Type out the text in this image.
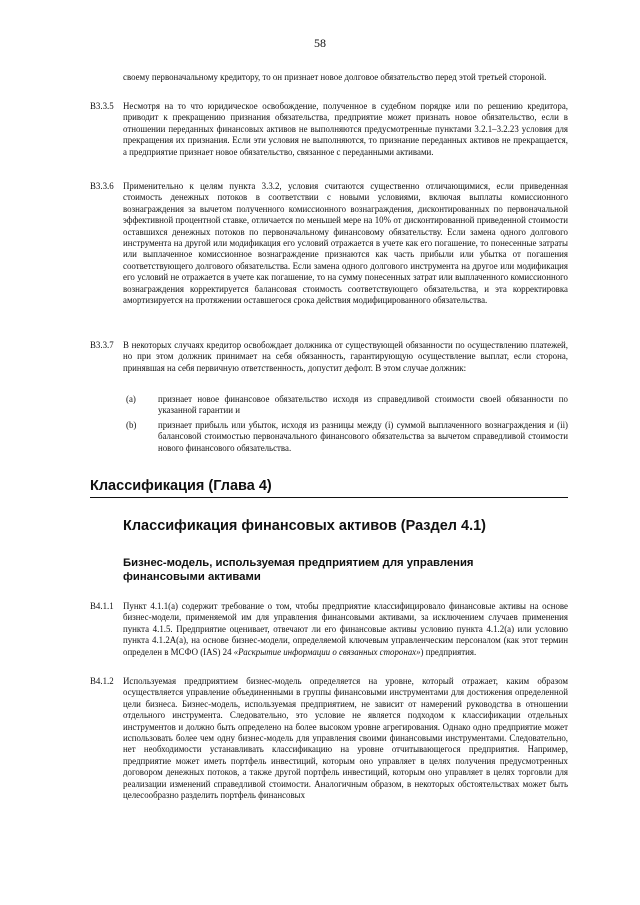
58
своему первоначальному кредитору, то он признает новое долговое обязательство перед этой третьей стороной.
B3.3.5	Несмотря на то что юридическое освобождение, полученное в судебном порядке или по решению кредитора, приводит к прекращению признания обязательства, предприятие может признать новое обязательство, если в отношении переданных финансовых активов не выполняются предусмотренные пунктами 3.2.1–3.2.23 условия для прекращения их признания. Если эти условия не выполняются, то признание переданных активов не прекращается, а предприятие признает новое обязательство, связанное с переданными активами.
B3.3.6	Применительно к целям пункта 3.3.2, условия считаются существенно отличающимися, если приведенная стоимость денежных потоков в соответствии с новыми условиями, включая выплаты комиссионного вознаграждения за вычетом полученного комиссионного вознаграждения, дисконтированных по первоначальной эффективной процентной ставке, отличается по меньшей мере на 10% от дисконтированной приведенной стоимости оставшихся денежных потоков по первоначальному финансовому обязательству. Если замена одного долгового инструмента на другой или модификация его условий отражается в учете как его погашение, то понесенные затраты или выплаченное комиссионное вознаграждение признаются как часть прибыли или убытка от погашения соответствующего долгового обязательства. Если замена одного долгового инструмента на другое или модификация его условий не отражается в учете как погашение, то на сумму понесенных затрат или выплаченного комиссионного вознаграждения корректируется балансовая стоимость соответствующего обязательства, и эта корректировка амортизируется на протяжении оставшегося срока действия модифицированного обязательства.
B3.3.7	В некоторых случаях кредитор освобождает должника от существующей обязанности по осуществлению платежей, но при этом должник принимает на себя обязанность, гарантирующую осуществление выплат, если сторона, принявшая на себя первичную ответственность, допустит дефолт. В этом случае должник:
(a) признает новое финансовое обязательство исходя из справедливой стоимости своей обязанности по указанной гарантии и
(b) признает прибыль или убыток, исходя из разницы между (i) суммой выплаченного вознаграждения и (ii) балансовой стоимостью первоначального финансового обязательства за вычетом справедливой стоимости нового финансового обязательства.
Классификация (Глава 4)
Классификация финансовых активов (Раздел 4.1)
Бизнес-модель, используемая предприятием для управления финансовыми активами
B4.1.1	Пункт 4.1.1(a) содержит требование о том, чтобы предприятие классифицировало финансовые активы на основе бизнес-модели, применяемой им для управления финансовыми активами, за исключением случаев применения пункта 4.1.5. Предприятие оценивает, отвечают ли его финансовые активы условию пункта 4.1.2(a) или условию пункта 4.1.2A(a), на основе бизнес-модели, определяемой ключевым управленческим персоналом (как этот термин определен в МСФО (IAS) 24 «Раскрытие информации о связанных сторонах») предприятия.
B4.1.2	Используемая предприятием бизнес-модель определяется на уровне, который отражает, каким образом осуществляется управление объединенными в группы финансовыми инструментами для достижения определенной цели бизнеса. Бизнес-модель, используемая предприятием, не зависит от намерений руководства в отношении отдельного инструмента. Следовательно, это условие не является подходом к классификации отдельных инструментов и должно быть определено на более высоком уровне агрегирования. Однако одно предприятие может использовать более чем одну бизнес-модель для управления своими финансовыми инструментами. Следовательно, нет необходимости устанавливать классификацию на уровне отчитывающегося предприятия. Например, предприятие может иметь портфель инвестиций, которым оно управляет в целях получения предусмотренных договором денежных потоков, а также другой портфель инвестиций, которым оно управляет в целях торговли для реализации изменений справедливой стоимости. Аналогичным образом, в некоторых обстоятельствах может быть целесообразно разделить портфель финансовых
